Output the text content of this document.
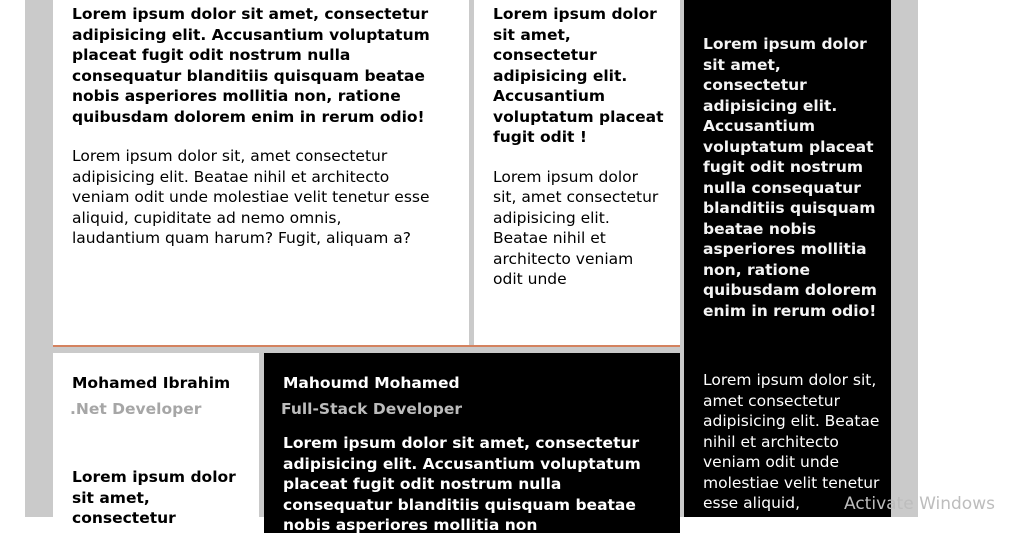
Lorem ipsum dolor sit amet, consectetur adipisicing elit. Accusantium voluptatum placeat fugit odit nostrum nulla consequatur blanditiis quisquam beatae nobis asperiores mollitia non, ratione quibusdam dolorem enim in rerum odio!

Lorem ipsum dolor sit, amet consectetur adipisicing elit. Beatae nihil et architecto veniam odit unde molestiae velit tenetur esse aliquid, cupiditate ad nemo omnis, laudantium quam harum? Fugit, aliquam a?

Lorem ipsum dolor sit amet, consectetur adipisicing elit. Accusantium voluptatum placeat fugit odit !

Lorem ipsum dolor sit, amet consectetur adipisicing elit. Beatae nihil et architecto veniam odit unde

Lorem ipsum dolor sit amet, consectetur adipisicing elit. Accusantium voluptatum placeat fugit odit nostrum nulla consequatur blanditiis quisquam beatae nobis asperiores mollitia non, ratione quibusdam dolorem enim in rerum odio!

Lorem ipsum dolor sit, amet consectetur adipisicing elit. Beatae nihil et architecto veniam odit unde molestiae velit tenetur esse aliquid,

Mohamed Ibrahim

.Net Developer

Lorem ipsum dolor sit amet, consectetur

Mahoumd Mohamed

Full-Stack Developer

Lorem ipsum dolor sit amet, consectetur adipisicing elit. Accusantium voluptatum placeat fugit odit nostrum nulla consequatur blanditiis quisquam beatae nobis asperiores mollitia non

Activate Windows
